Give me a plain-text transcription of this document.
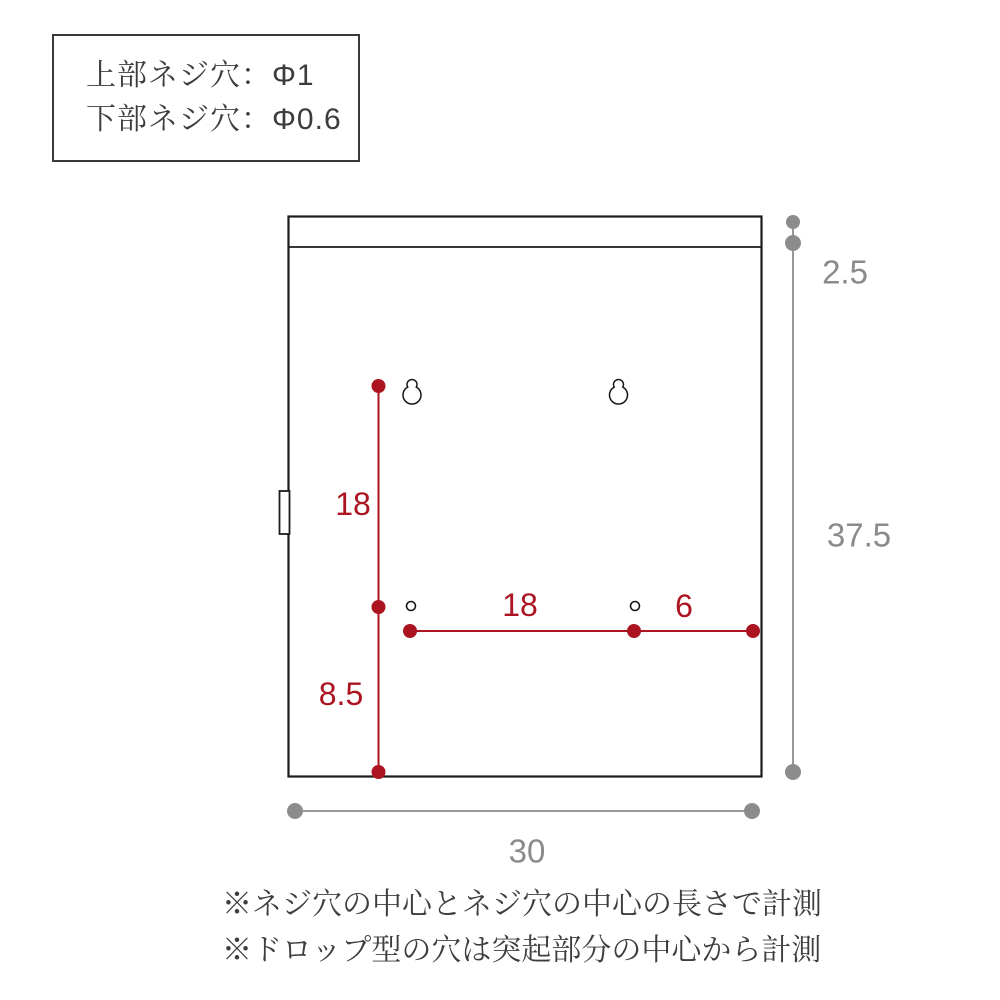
上部ネジ穴：Φ1
下部ネジ穴：Φ0.6
18
8.5
18	6
2.5
37.5
30
※ネジ穴の中心とネジ穴の中心の長さで計測
※ドロップ型の穴は突起部分の中心から計測
